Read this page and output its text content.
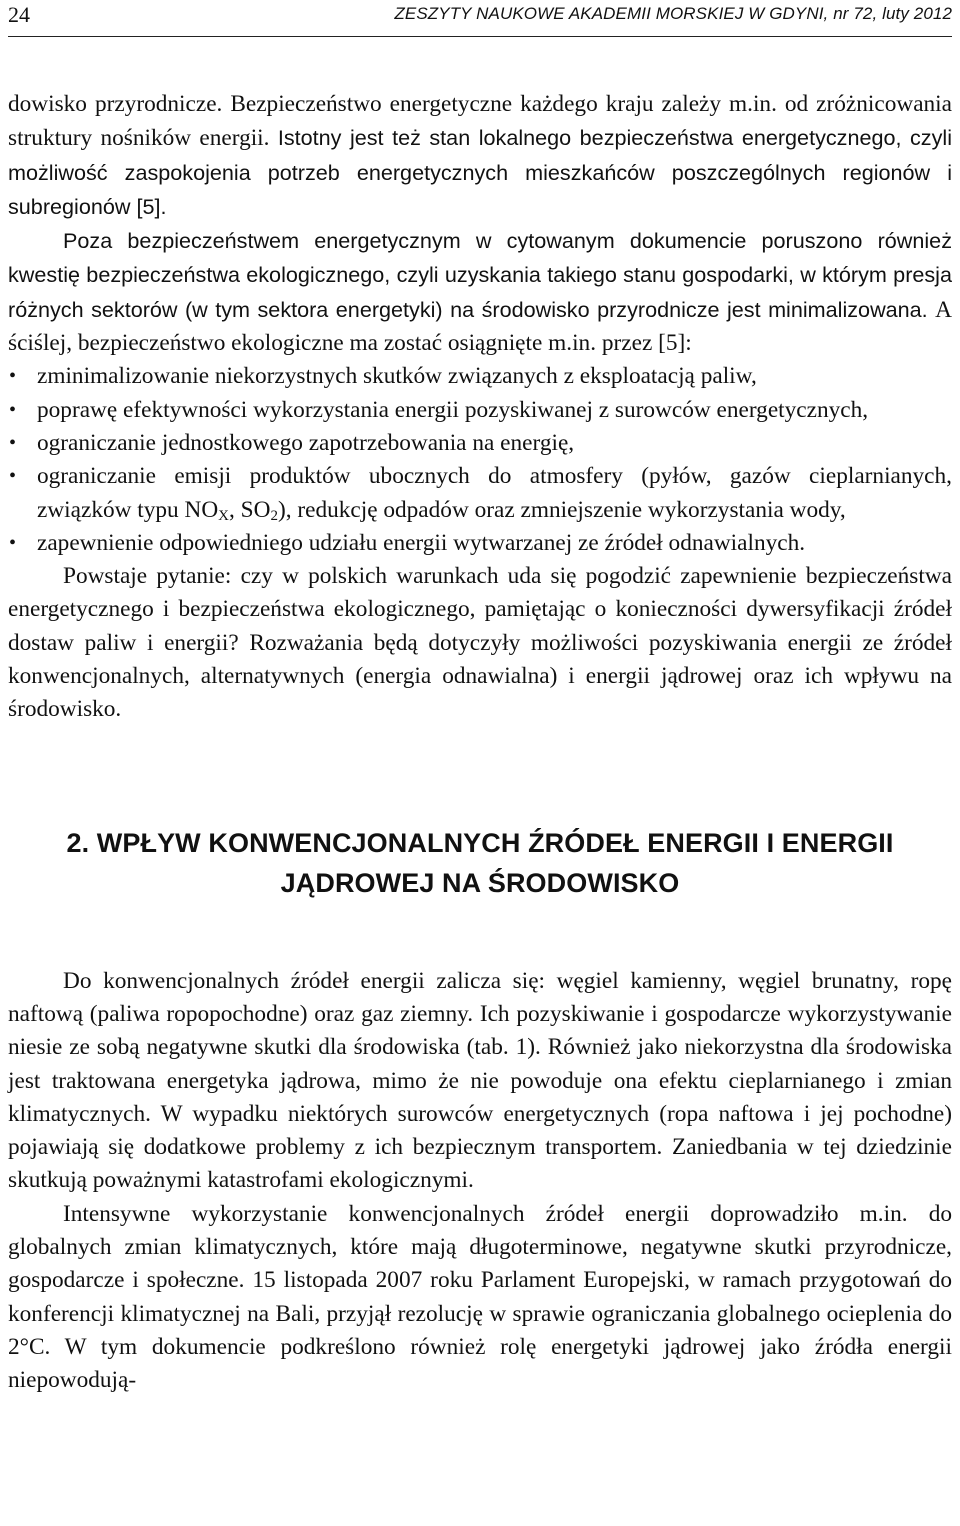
24	ZESZYTY NAUKOWE AKADEMII MORSKIEJ W GDYNI, nr 72, luty 2012

dowisko przyrodnicze. Bezpieczeństwo energetyczne każdego kraju zależy m.in. od zróżnicowania struktury nośników energii. Istotny jest też stan lokalnego bezpieczeństwa energetycznego, czyli możliwość zaspokojenia potrzeb energetycznych mieszkańców poszczególnych regionów i subregionów [5].

Poza bezpieczeństwem energetycznym w cytowanym dokumencie poruszono również kwestię bezpieczeństwa ekologicznego, czyli uzyskania takiego stanu gospodarki, w którym presja różnych sektorów (w tym sektora energetyki) na środowisko przyrodnicze jest minimalizowana. A ściślej, bezpieczeństwo ekologiczne ma zostać osiągnięte m.in. przez [5]:

• zminimalizowanie niekorzystnych skutków związanych z eksploatacją paliw,
• poprawę efektywności wykorzystania energii pozyskiwanej z surowców energetycznych,
• ograniczanie jednostkowego zapotrzebowania na energię,
• ograniczanie emisji produktów ubocznych do atmosfery (pyłów, gazów cieplarnianych, związków typu $NO_X$, $SO_2$), redukcję odpadów oraz zmniejszenie wykorzystania wody,
• zapewnienie odpowiedniego udziału energii wytwarzanej ze źródeł odnawialnych.

Powstaje pytanie: czy w polskich warunkach uda się pogodzić zapewnienie bezpieczeństwa energetycznego i bezpieczeństwa ekologicznego, pamiętając o konieczności dywersyfikacji źródeł dostaw paliw i energii? Rozważania będą dotyczyły możliwości pozyskiwania energii ze źródeł konwencjonalnych, alternatywnych (energia odnawialna) i energii jądrowej oraz ich wpływu na środowisko.

2. WPŁYW KONWENCJONALNYCH ŹRÓDEŁ ENERGII I ENERGII
JĄDROWEJ NA ŚRODOWISKO

Do konwencjonalnych źródeł energii zalicza się: węgiel kamienny, węgiel brunatny, ropę naftową (paliwa ropopochodne) oraz gaz ziemny. Ich pozyskiwanie i gospodarcze wykorzystywanie niesie ze sobą negatywne skutki dla środowiska (tab. 1). Również jako niekorzystna dla środowiska jest traktowana energetyka jądrowa, mimo że nie powoduje ona efektu cieplarnianego i zmian klimatycznych. W wypadku niektórych surowców energetycznych (ropa naftowa i jej pochodne) pojawiają się dodatkowe problemy z ich bezpiecznym transportem. Zaniedbania w tej dziedzinie skutkują poważnymi katastrofami ekologicznymi.

Intensywne wykorzystanie konwencjonalnych źródeł energii doprowadziło m.in. do globalnych zmian klimatycznych, które mają długoterminowe, negatywne skutki przyrodnicze, gospodarcze i społeczne. 15 listopada 2007 roku Parlament Europejski, w ramach przygotowań do konferencji klimatycznej na Bali, przyjął rezolucję w sprawie ograniczania globalnego ocieplenia do 2°C. W tym dokumencie podkreślono również rolę energetyki jądrowej jako źródła energii niepowodują-
